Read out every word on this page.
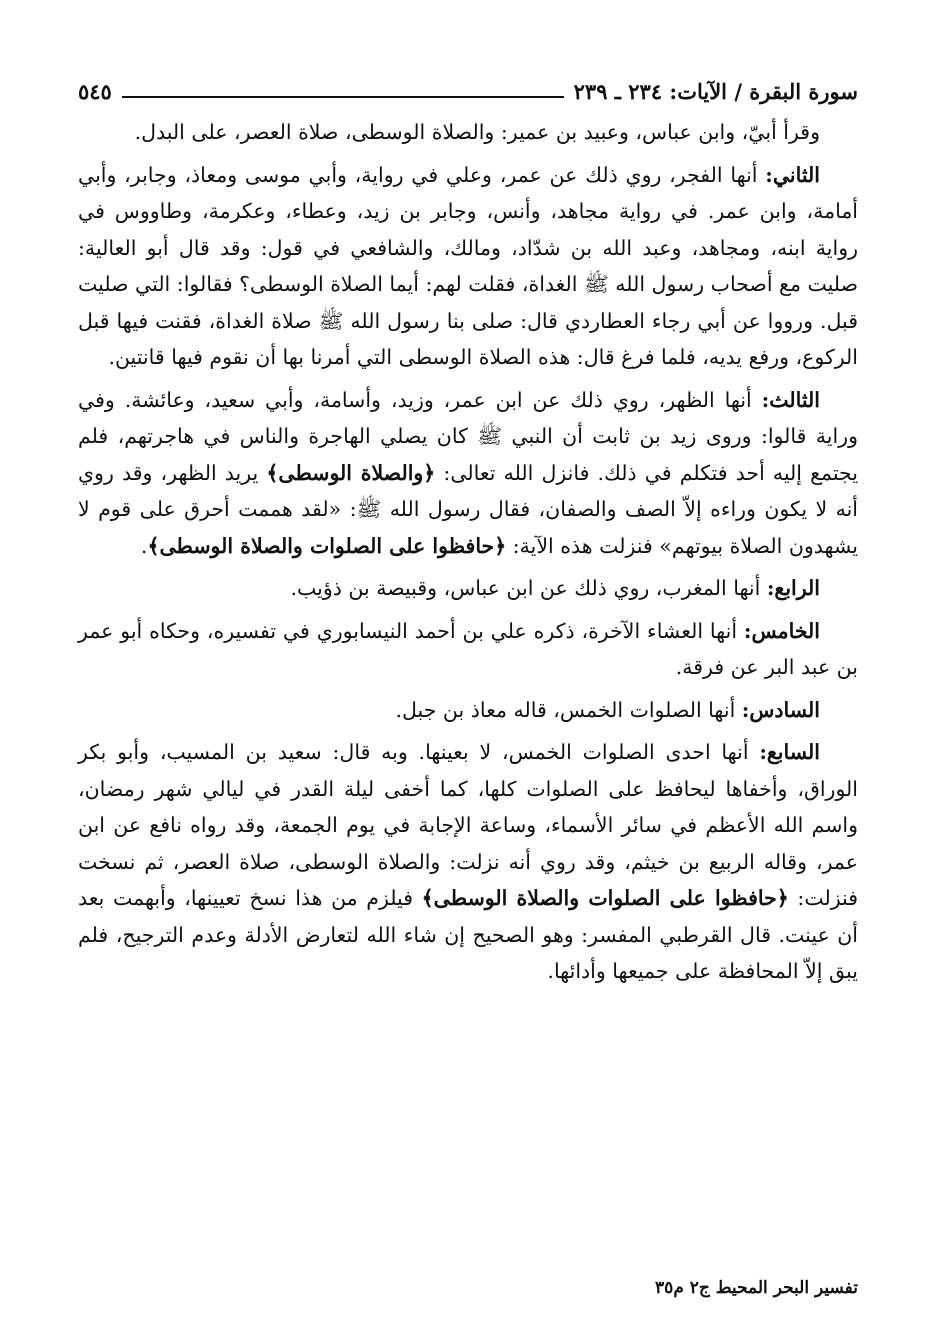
سورة البقرة / الآيات: ٢٣٤ ـ ٢٣٩
٥٤٥

وقرأ أبيّ، وابن عباس، وعبيد بن عمير: والصلاة الوسطى، صلاة العصر، على البدل.

الثاني: أنها الفجر، روي ذلك عن عمر، وعلي في رواية، وأبي موسى ومعاذ، وجابر، وأبي أمامة، وابن عمر. في رواية مجاهد، وأنس، وجابر بن زيد، وعطاء، وعكرمة، وطاووس في رواية ابنه، ومجاهد، وعبد الله بن شدّاد، ومالك، والشافعي في قول: وقد قال أبو العالية: صليت مع أصحاب رسول الله ﷺ الغداة، فقلت لهم: أيما الصلاة الوسطى؟ فقالوا: التي صليت قبل. ورووا عن أبي رجاء العطاردي قال: صلى بنا رسول الله ﷺ صلاة الغداة، فقنت فيها قبل الركوع، ورفع يديه، فلما فرغ قال: هذه الصلاة الوسطى التي أمرنا بها أن نقوم فيها قانتين.

الثالث: أنها الظهر، روي ذلك عن ابن عمر، وزيد، وأسامة، وأبي سعيد، وعائشة. وفي وراية قالوا: وروى زيد بن ثابت أن النبي ﷺ كان يصلي الهاجرة والناس في هاجرتهم، فلم يجتمع إليه أحد فتكلم في ذلك. فانزل الله تعالى: ﴿والصلاة الوسطى﴾ يريد الظهر، وقد روي أنه لا يكون وراءه إلاّ الصف والصفان، فقال رسول الله ﷺ: «لقد هممت أحرق على قوم لا يشهدون الصلاة بيوتهم» فنزلت هذه الآية: ﴿حافظوا على الصلوات والصلاة الوسطى﴾.

الرابع: أنها المغرب، روي ذلك عن ابن عباس، وقبيصة بن ذؤيب.

الخامس: أنها العشاء الآخرة، ذكره علي بن أحمد النيسابوري في تفسيره، وحكاه أبو عمر بن عبد البر عن فرقة.

السادس: أنها الصلوات الخمس، قاله معاذ بن جبل.

السابع: أنها احدى الصلوات الخمس، لا بعينها. وبه قال: سعيد بن المسيب، وأبو بكر الوراق، وأخفاها ليحافظ على الصلوات كلها، كما أخفى ليلة القدر في ليالي شهر رمضان، واسم الله الأعظم في سائر الأسماء، وساعة الإجابة في يوم الجمعة، وقد رواه نافع عن ابن عمر، وقاله الربيع بن خيثم، وقد روي أنه نزلت: والصلاة الوسطى، صلاة العصر، ثم نسخت فنزلت: ﴿حافظوا على الصلوات والصلاة الوسطى﴾ فيلزم من هذا نسخ تعيينها، وأبهمت بعد أن عينت. قال القرطبي المفسر: وهو الصحيح إن شاء الله لتعارض الأدلة وعدم الترجيح، فلم يبق إلاّ المحافظة على جميعها وأدائها.

تفسير البحر المحيط ج٢ م٣٥
